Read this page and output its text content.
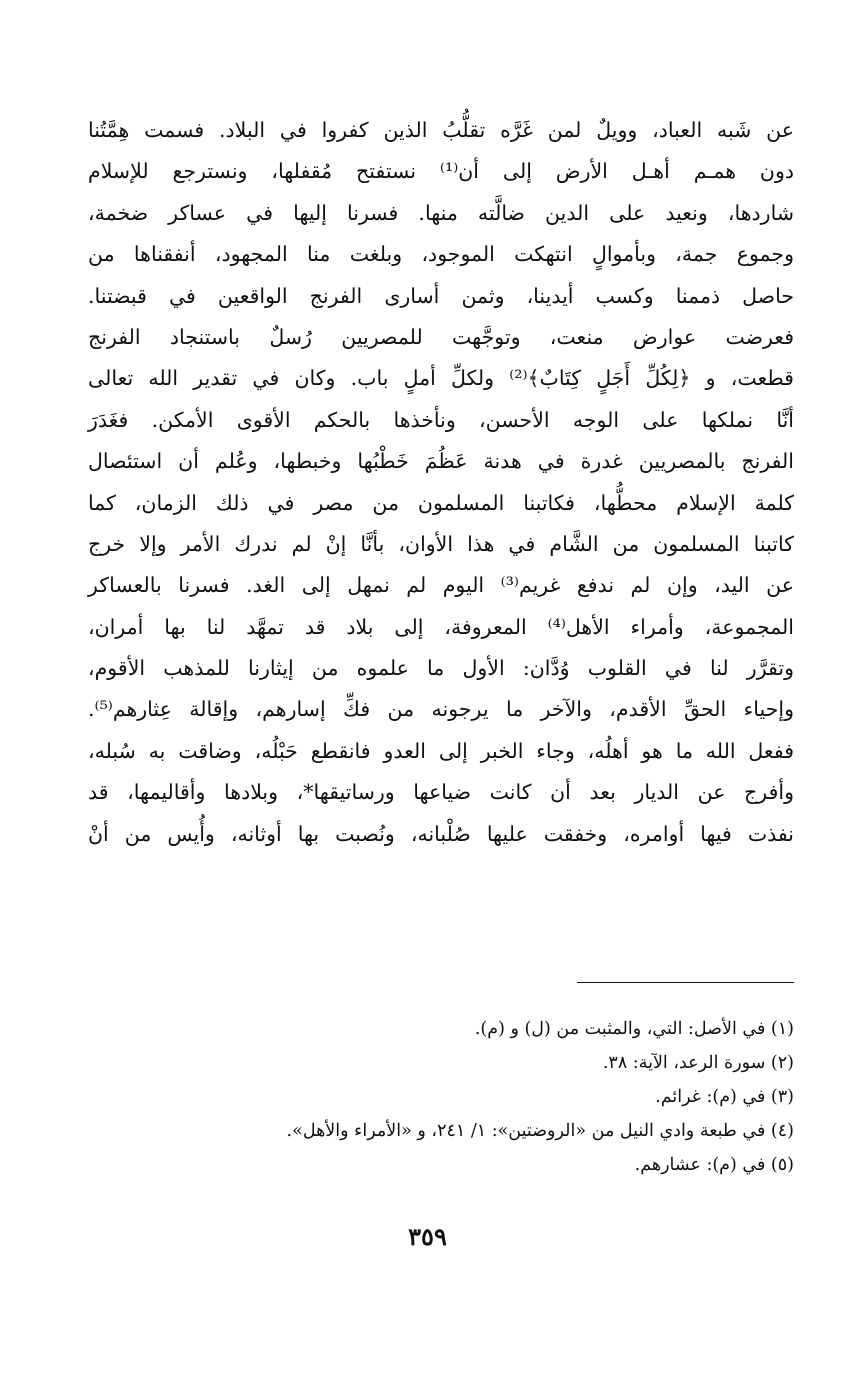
عن شَبه العباد، وويلٌ لمن غَرَّه تقلُّبُ الذين كفروا في البلاد. فسمت هِمَّتُنا
دون همـم أهـل الأرض إلى أن⁽¹⁾ نستفتح مُقفلها، ونسترجع للإسلام
شاردها، ونعيد على الدين ضالَّته منها. فسرنا إليها في عساكر ضخمة،
وجموع جمة، وبأموالٍ انتهكت الموجود، وبلغت منا المجهود، أنفقناها من
حاصل ذممنا وكسب أيدينا، وثمن أسارى الفرنج الواقعين في قبضتنا.
فعرضت عوارض منعت، وتوجَّهت للمصريين رُسلٌ باستنجاد الفرنج
قطعت، و ﴿لِكُلِّ أَجَلٍ كِتَابٌ﴾⁽²⁾ ولكلِّ أملٍ باب. وكان في تقدير الله تعالى
أنَّا نملكها على الوجه الأحسن، ونأخذها بالحكم الأقوى الأمكن. فغَدَرَ
الفرنج بالمصريين غدرة في هدنة عَظُمَ خَطْبُها وخبطها، وعُلم أن استئصال
كلمة الإسلام محطُّها، فكاتبنا المسلمون من مصر في ذلك الزمان، كما
كاتبنا المسلمون من الشَّام في هذا الأوان، بأنَّا إنْ لم ندرك الأمر وإلا خرج
عن اليد، وإن لم ندفع غريم⁽³⁾ اليوم لم نمهل إلى الغد. فسرنا بالعساكر
المجموعة، وأمراء الأهل⁽⁴⁾ المعروفة، إلى بلاد قد تمهَّد لنا بها أمران،
وتقرَّر لنا في القلوب وُدَّان: الأول ما علموه من إيثارنا للمذهب الأقوم،
وإحياء الحقِّ الأقدم، والآخر ما يرجونه من فكِّ إسارهم، وإقالة عِثارهم⁽⁵⁾.
ففعل الله ما هو أهلُه، وجاء الخبر إلى العدو فانقطع حَبْلُه، وضاقت به سُبله،
وأفرج عن الديار بعد أن كانت ضياعها ورساتيقها*، وبلادها وأقاليمها، قد
نفذت فيها أوامره، وخفقت عليها صُلْبانه، ونُصبت بها أوثانه، وأُيس من أنْ
(١) في الأصل: التي، والمثبت من (ل) و (م).
(٢) سورة الرعد، الآية: ٣٨.
(٣) في (م): غرائم.
(٤) في طبعة وادي النيل من «الروضتين»: ١/ ٢٤١، و «الأمراء والأهل».
(٥) في (م): عشارهم.
٣٥٩
